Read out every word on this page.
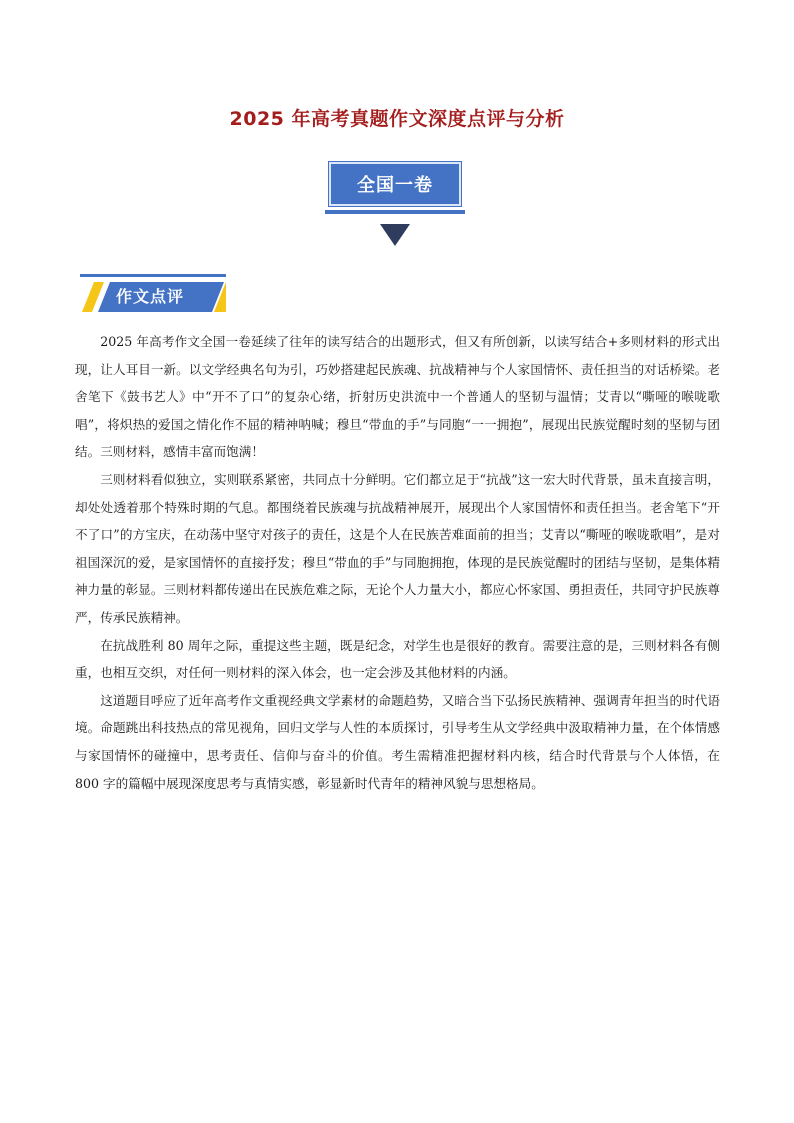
2025 年高考真题作文深度点评与分析
全国一卷
作文点评

2025 年高考作文全国一卷延续了往年的读写结合的出题形式，但又有所创新，以读写结合+多则材料的形式出现，让人耳目一新。以文学经典名句为引，巧妙搭建起民族魂、抗战精神与个人家国情怀、责任担当的对话桥梁。老舍笔下《鼓书艺人》中“开不了口”的复杂心绪，折射历史洪流中一个普通人的坚韧与温情；艾青以“嘶哑的喉咙歌唱”，将炽热的爱国之情化作不屈的精神呐喊；穆旦“带血的手”与同胞“一一拥抱”，展现出民族觉醒时刻的坚韧与团结。三则材料，感情丰富而饱满！

三则材料看似独立，实则联系紧密，共同点十分鲜明。它们都立足于“抗战”这一宏大时代背景，虽未直接言明，却处处透着那个特殊时期的气息。都围绕着民族魂与抗战精神展开，展现出个人家国情怀和责任担当。老舍笔下“开不了口”的方宝庆，在动荡中坚守对孩子的责任，这是个人在民族苦难面前的担当；艾青以“嘶哑的喉咙歌唱”，是对祖国深沉的爱，是家国情怀的直接抒发；穆旦“带血的手”与同胞拥抱，体现的是民族觉醒时的团结与坚韧，是集体精神力量的彰显。三则材料都传递出在民族危难之际，无论个人力量大小，都应心怀家国、勇担责任，共同守护民族尊严，传承民族精神。

在抗战胜利 80 周年之际，重提这些主题，既是纪念，对学生也是很好的教育。需要注意的是，三则材料各有侧重，也相互交织，对任何一则材料的深入体会，也一定会涉及其他材料的内涵。

这道题目呼应了近年高考作文重视经典文学素材的命题趋势，又暗合当下弘扬民族精神、强调青年担当的时代语境。命题跳出科技热点的常见视角，回归文学与人性的本质探讨，引导考生从文学经典中汲取精神力量，在个体情感与家国情怀的碰撞中，思考责任、信仰与奋斗的价值。考生需精准把握材料内核，结合时代背景与个人体悟，在 800 字的篇幅中展现深度思考与真情实感，彰显新时代青年的精神风貌与思想格局。
